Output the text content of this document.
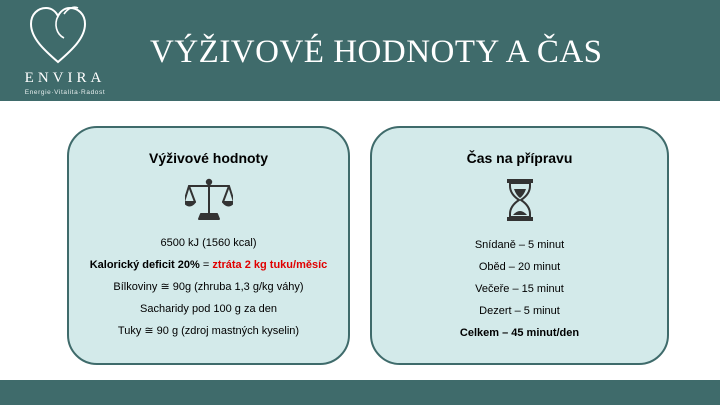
ENVIRA
Energie·Vitalita·Radost
VÝŽIVOVÉ HODNOTY A ČAS
Výživové hodnoty
6500 kJ (1560 kcal)
Kalorický deficit 20% = ztráta 2 kg tuku/měsíc
Bílkoviny ≅ 90g (zhruba 1,3 g/kg váhy)
Sacharidy pod 100 g za den
Tuky ≅ 90 g (zdroj mastných kyselin)
Čas na přípravu
Snídaně – 5 minut
Oběd – 20 minut
Večeře – 15 minut
Dezert – 5 minut
Celkem – 45 minut/den
